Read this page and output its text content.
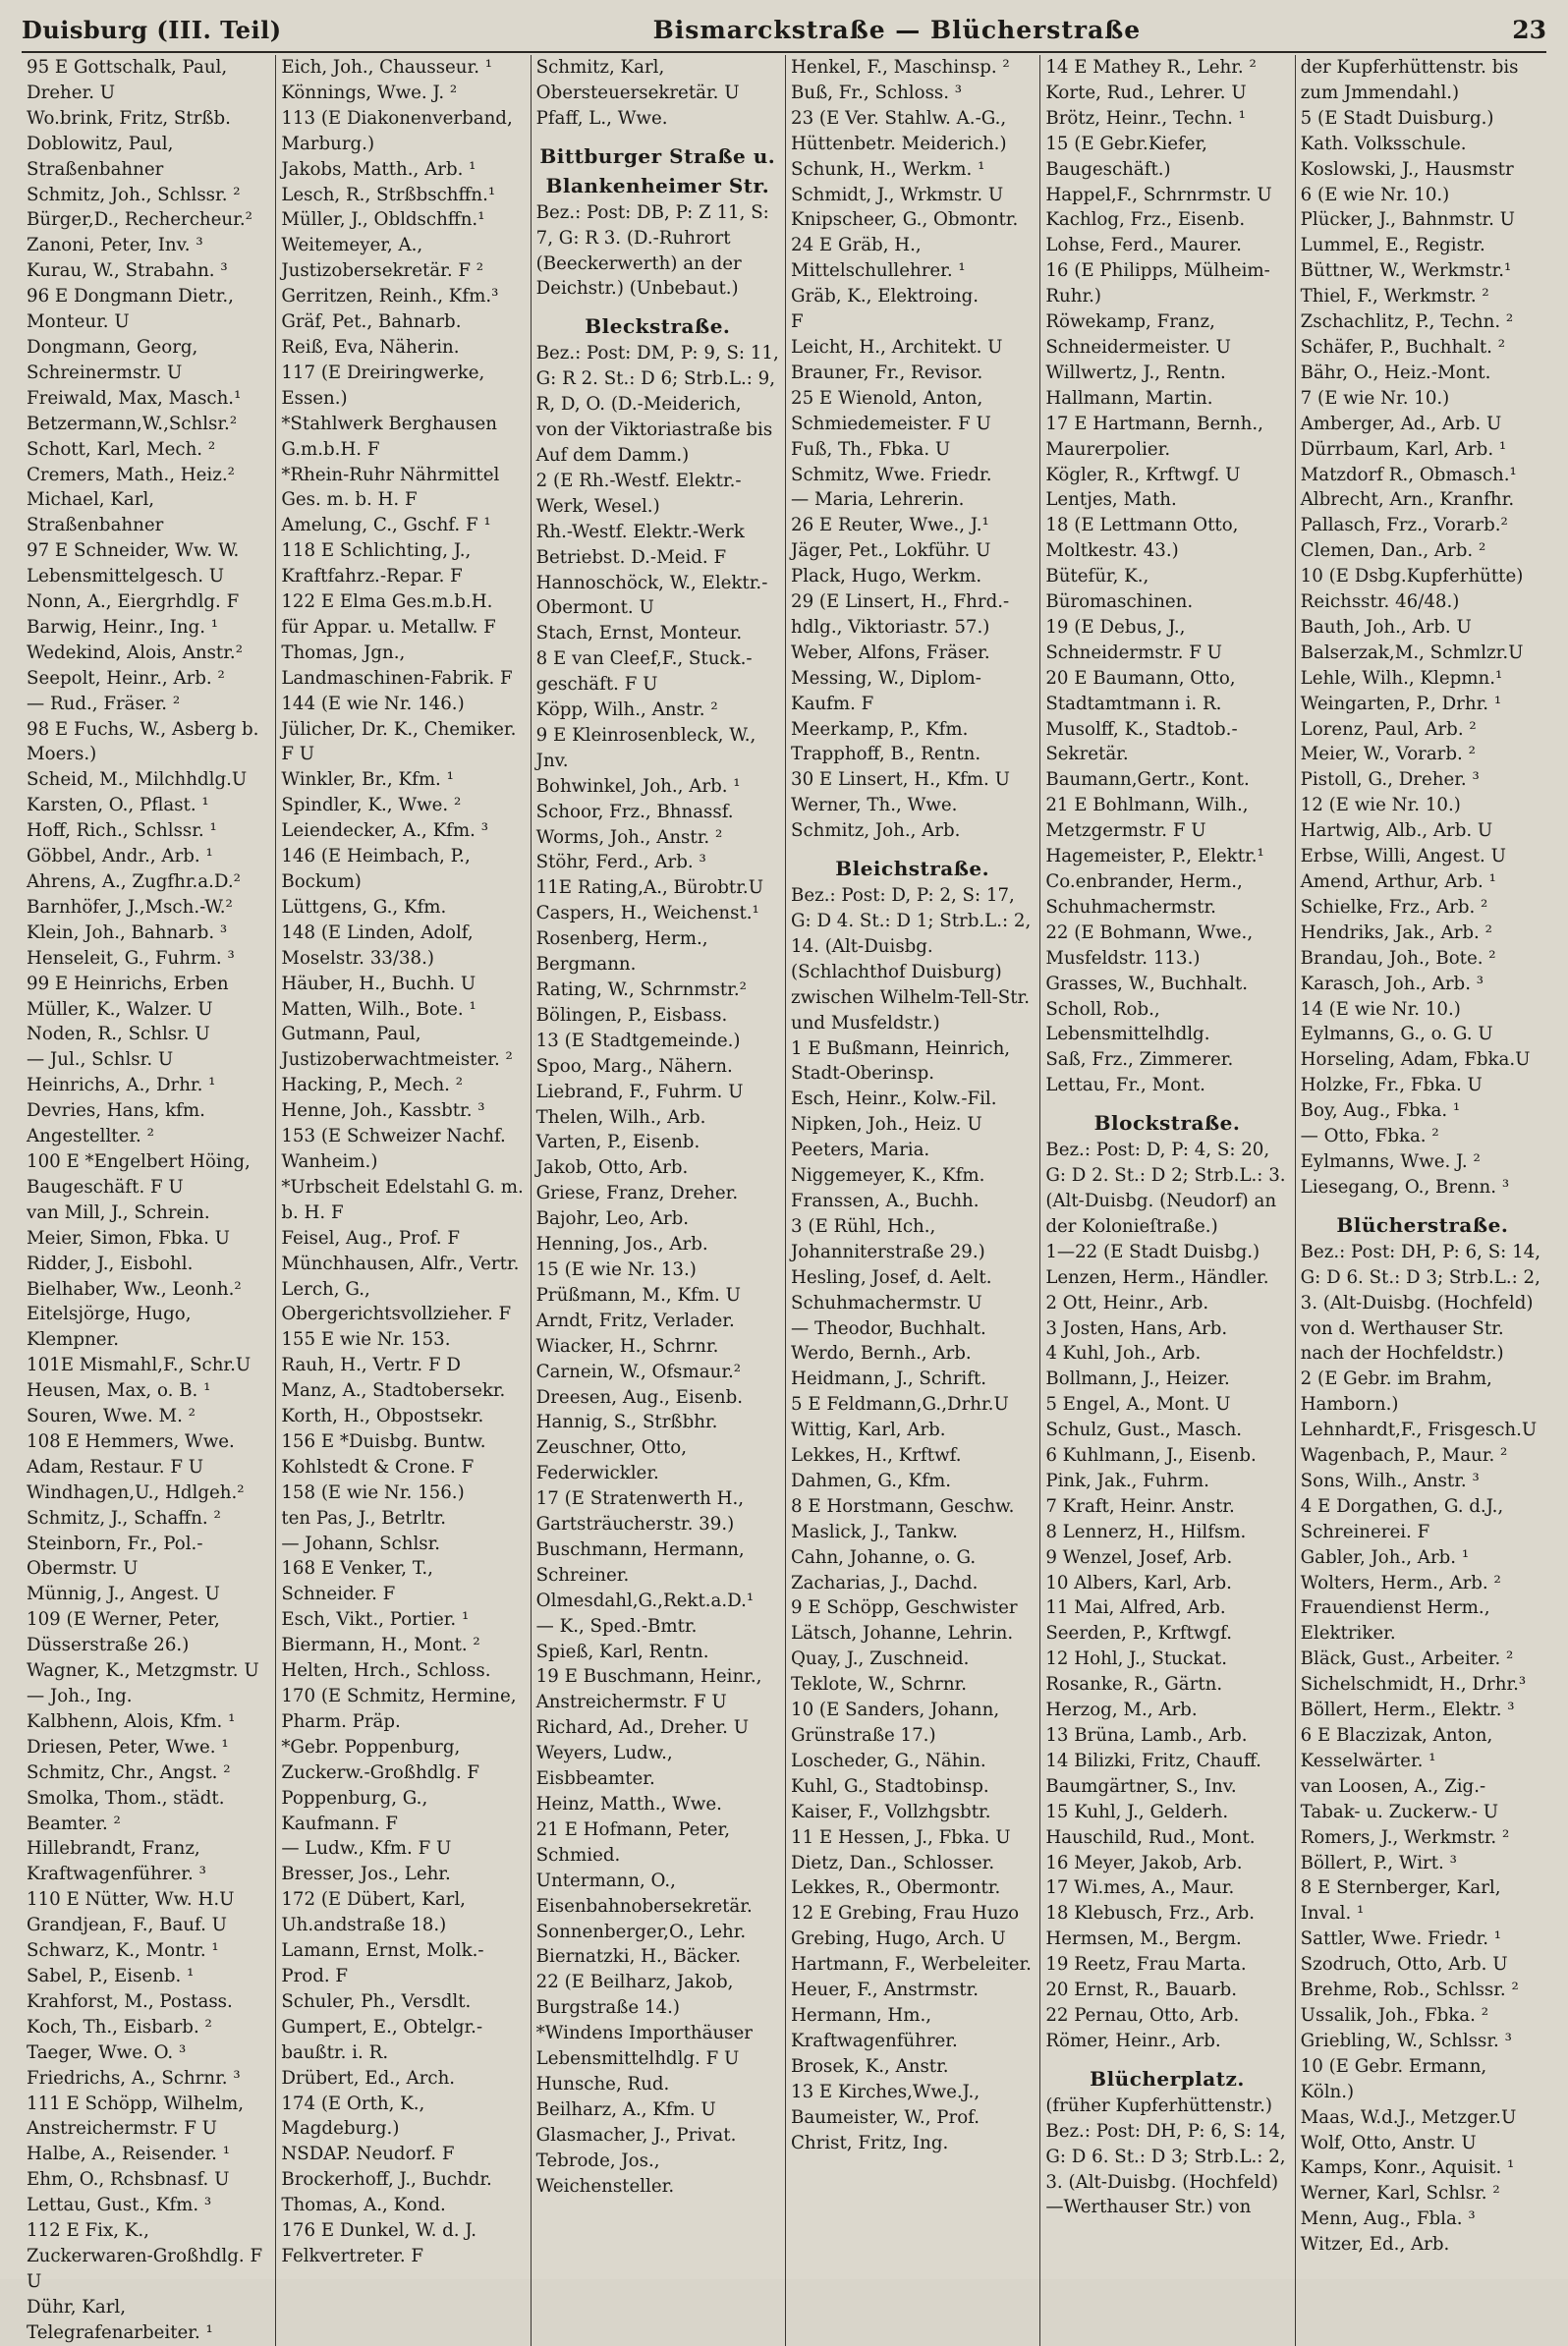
Duisburg (III. Teil)	Bismarckstraße — Blücherstraße	23
95 E Gottschalk, Paul, Dreher. U
Wo.brink, Fritz, Strßb.
Doblowitz, Paul, Straßenbahner
Schmitz, Joh., Schlssr. ²
Bürger,D., Rechercheur.²
Zanoni, Peter, Inv. ³
Kurau, W., Strabahn. ³
96 E Dongmann Dietr., Monteur. U
Dongmann, Georg, Schreinermstr. U
Freiwald, Max, Masch.¹
Betzermann,W.,Schlsr.²
Schott, Karl, Mech. ²
Cremers, Math., Heiz.²
Michael, Karl, Straßenbahner
97 E Schneider, Ww. W. Lebensmittelgesch. U
Nonn, A., Eiergrhdlg. F
Barwig, Heinr., Ing. ¹
Wedekind, Alois, Anstr.²
Seepolt, Heinr., Arb. ²
— Rud., Fräser. ²
98 E Fuchs, W., Asberg b. Moers.)
Scheid, M., Milchhdlg.U
Karsten, O., Pflast. ¹
Hoff, Rich., Schlssr. ¹
Göbbel, Andr., Arb. ¹
Ahrens, A., Zugfhr.a.D.²
Barnhöfer, J.,Msch.-W.²
Klein, Joh., Bahnarb. ³
Henseleit, G., Fuhrm. ³
99 E Heinrichs, Erben Müller, K., Walzer. U
Noden, R., Schlsr. U
— Jul., Schlsr. U
Heinrichs, A., Drhr. ¹
Devries, Hans, kfm. Angestellter. ²
100 E *Engelbert Höing, Baugeschäft. F U
van Mill, J., Schrein.
Meier, Simon, Fbka. U
Ridder, J., Eisbohl.
Bielhaber, Ww., Leonh.²
Eitelsjörge, Hugo, Klempner.
101E Mismahl,F., Schr.U
Heusen, Max, o. B. ¹
Souren, Wwe. M. ²
108 E Hemmers, Wwe. Adam, Restaur. F U
Windhagen,U., Hdlgeh.²
Schmitz, J., Schaffn. ²
Steinborn, Fr., Pol.-Obermstr. U
Münnig, J., Angest. U
109 (E Werner, Peter, Düsserstraße 26.)
Wagner, K., Metzgmstr. U
— Joh., Ing.
Kalbhenn, Alois, Kfm. ¹
Driesen, Peter, Wwe. ¹
Schmitz, Chr., Angst. ²
Smolka, Thom., städt. Beamter. ²
Hillebrandt, Franz, Kraftwagenführer. ³
110 E Nütter, Ww. H.U
Grandjean, F., Bauf. U
Schwarz, K., Montr. ¹
Sabel, P., Eisenb. ¹
Krahforst, M., Postass.
Koch, Th., Eisbarb. ²
Taeger, Wwe. O. ³
Friedrichs, A., Schrnr. ³
111 E Schöpp, Wilhelm, Anstreichermstr. F U
Halbe, A., Reisender. ¹
Ehm, O., Rchsbnasf. U
Lettau, Gust., Kfm. ³
112 E Fix, K., Zuckerwaren-Großhdlg. F U
Dühr, Karl, Telegrafenarbeiter. ¹
Eich, Joh., Chausseur. ¹
Könnings, Wwe. J. ²
113 (E Diakonenverband, Marburg.)
Jakobs, Matth., Arb. ¹
Lesch, R., Strßbschffn.¹
Müller, J., Obldschffn.¹
Weitemeyer, A., Justizobersekretär. F ²
Gerritzen, Reinh., Kfm.³
Gräf, Pet., Bahnarb.
Reiß, Eva, Näherin.
117 (E Dreiringwerke, Essen.)
*Stahlwerk Berghausen G.m.b.H. F
*Rhein-Ruhr Nährmittel Ges. m. b. H. F
Amelung, C., Gschf. F ¹
118 E Schlichting, J., Kraftfahrz.-Repar. F
122 E Elma Ges.m.b.H. für Appar. u. Metallw. F
Thomas, Jgn., Landmaschinen-Fabrik. F
144 (E wie Nr. 146.)
Jülicher, Dr. K., Chemiker. F U
Winkler, Br., Kfm. ¹
Spindler, K., Wwe. ²
Leiendecker, A., Kfm. ³
146 (E Heimbach, P., Bockum)
Lüttgens, G., Kfm.
148 (E Linden, Adolf, Moselstr. 33/38.)
Häuber, H., Buchh. U
Matten, Wilh., Bote. ¹
Gutmann, Paul, Justizoberwachtmeister. ²
Hacking, P., Mech. ²
Henne, Joh., Kassbtr. ³
153 (E Schweizer Nachf. Wanheim.)
*Urbscheit Edelstahl G. m. b. H. F
Feisel, Aug., Prof. F
Münchhausen, Alfr., Vertr.
Lerch, G., Obergerichtsvollzieher. F
155 E wie Nr. 153.
Rauh, H., Vertr. F D
Manz, A., Stadtobersekr.
Korth, H., Obpostsekr.
156 E *Duisbg. Buntw. Kohlstedt & Crone. F
158 (E wie Nr. 156.)
ten Pas, J., Betrltr.
— Johann, Schlsr.
168 E Venker, T., Schneider. F
Esch, Vikt., Portier. ¹
Biermann, H., Mont. ²
Helten, Hrch., Schloss.
170 (E Schmitz, Hermine, Pharm. Präp.
*Gebr. Poppenburg, Zuckerw.-Großhdlg. F
Poppenburg, G., Kaufmann. F
— Ludw., Kfm. F U
Bresser, Jos., Lehr.
172 (E Dübert, Karl, Uh.andstraße 18.)
Lamann, Ernst, Molk.-Prod. F
Schuler, Ph., Versdlt.
Gumpert, E., Obtelgr.-baußtr. i. R.
Drübert, Ed., Arch.
174 (E Orth, K., Magdeburg.)
NSDAP. Neudorf. F
Brockerhoff, J., Buchdr.
Thomas, A., Kond.
176 E Dunkel, W. d. J. Felkvertreter. F
Schmitz, Karl, Obersteuersekretär. U
Pfaff, L., Wwe.
Bittburger Straße u. Blankenheimer Str.
Bez.: Post: DB, P: Z 11, S: 7, G: R 3. (D.-Ruhrort (Beeckerwerth) an der Deichstr.) (Unbebaut.)
Bleckstraße.
Bez.: Post: DM, P: 9, S: 11, G: R 2. St.: D 6; Strb.L.: 9, R, D, O. (D.-Meiderich, von der Viktoriastraße bis Auf dem Damm.)
2 (E Rh.-Westf. Elektr.-Werk, Wesel.)
Rh.-Westf. Elektr.-Werk Betriebst. D.-Meid. F
Hannoschöck, W., Elektr.-Obermont. U
Stach, Ernst, Monteur.
8 E van Cleef,F., Stuck.-geschäft. F U
Köpp, Wilh., Anstr. ²
9 E Kleinrosenbleck, W., Jnv.
Bohwinkel, Joh., Arb. ¹
Schoor, Frz., Bhnassf.
Worms, Joh., Anstr. ²
Stöhr, Ferd., Arb. ³
11E Rating,A., Bürobtr.U
Caspers, H., Weichenst.¹
Rosenberg, Herm., Bergmann.
Rating, W., Schrnmstr.²
Bölingen, P., Eisbass.
13 (E Stadtgemeinde.)
Spoo, Marg., Nähern.
Liebrand, F., Fuhrm. U
Thelen, Wilh., Arb.
Varten, P., Eisenb.
Jakob, Otto, Arb.
Griese, Franz, Dreher.
Bajohr, Leo, Arb.
Henning, Jos., Arb.
15 (E wie Nr. 13.)
Prüßmann, M., Kfm. U
Arndt, Fritz, Verlader.
Wiacker, H., Schrnr.
Carnein, W., Ofsmaur.²
Dreesen, Aug., Eisenb.
Hannig, S., Strßbhr.
Zeuschner, Otto, Federwickler.
17 (E Stratenwerth H., Gartsträucherstr. 39.)
Buschmann, Hermann, Schreiner.
Olmesdahl,G.,Rekt.a.D.¹
— K., Sped.-Bmtr.
Spieß, Karl, Rentn.
19 E Buschmann, Heinr., Anstreichermstr. F U
Richard, Ad., Dreher. U
Weyers, Ludw., Eisbbeamter.
Heinz, Matth., Wwe.
21 E Hofmann, Peter, Schmied.
Untermann, O., Eisenbahnobersekretär.
Sonnenberger,O., Lehr.
Biernatzki, H., Bäcker.
22 (E Beilharz, Jakob, Burgstraße 14.)
*Windens Importhäuser Lebensmittelhdlg. F U
Hunsche, Rud.
Beilharz, A., Kfm. U
Glasmacher, J., Privat.
Tebrode, Jos., Weichensteller.
Henkel, F., Maschinsp. ²
Buß, Fr., Schloss. ³
23 (E Ver. Stahlw. A.-G., Hüttenbetr. Meiderich.)
Schunk, H., Werkm. ¹
Schmidt, J., Wrkmstr. U
Knipscheer, G., Obmontr.
24 E Gräb, H., Mittelschullehrer. ¹
Gräb, K., Elektroing.
F
Leicht, H., Architekt. U
Brauner, Fr., Revisor.
25 E Wienold, Anton, Schmiedemeister. F U
Fuß, Th., Fbka. U
Schmitz, Wwe. Friedr.
— Maria, Lehrerin.
26 E Reuter, Wwe., J.¹
Jäger, Pet., Lokführ. U
Plack, Hugo, Werkm.
29 (E Linsert, H., Fhrd.-hdlg., Viktoriastr. 57.)
Weber, Alfons, Fräser.
Messing, W., Diplom-Kaufm. F
Meerkamp, P., Kfm.
Trapphoff, B., Rentn.
30 E Linsert, H., Kfm. U
Werner, Th., Wwe.
Schmitz, Joh., Arb.
Bleichstraße.
Bez.: Post: D, P: 2, S: 17, G: D 4. St.: D 1; Strb.L.: 2, 14. (Alt-Duisbg. (Schlachthof Duisburg) zwischen Wilhelm-Tell-Str. und Musfeldstr.)
1 E Bußmann, Heinrich, Stadt-Oberinsp.
Esch, Heinr., Kolw.-Fil.
Nipken, Joh., Heiz. U
Peeters, Maria.
Niggemeyer, K., Kfm.
Franssen, A., Buchh.
3 (E Rühl, Hch., Johanniterstraße 29.)
Hesling, Josef, d. Aelt. Schuhmachermstr. U
— Theodor, Buchhalt.
Werdo, Bernh., Arb.
Heidmann, J., Schrift.
5 E Feldmann,G.,Drhr.U
Wittig, Karl, Arb.
Lekkes, H., Krftwf.
Dahmen, G., Kfm.
8 E Horstmann, Geschw.
Maslick, J., Tankw.
Cahn, Johanne, o. G.
Zacharias, J., Dachd.
9 E Schöpp, Geschwister
Lätsch, Johanne, Lehrin.
Quay, J., Zuschneid.
Teklote, W., Schrnr.
10 (E Sanders, Johann, Grünstraße 17.)
Loscheder, G., Nähin.
Kuhl, G., Stadtobinsp.
Kaiser, F., Vollzhgsbtr.
11 E Hessen, J., Fbka. U
Dietz, Dan., Schlosser.
Lekkes, R., Obermontr.
12 E Grebing, Frau Huzo
Grebing, Hugo, Arch. U
Hartmann, F., Werbeleiter.
Heuer, F., Anstrmstr.
Hermann, Hm., Kraftwagenführer.
Brosek, K., Anstr.
13 E Kirches,Wwe.J.,
Baumeister, W., Prof.
Christ, Fritz, Ing.
14 E Mathey R., Lehr. ²
Korte, Rud., Lehrer. U
Brötz, Heinr., Techn. ¹
15 (E Gebr.Kiefer, Baugeschäft.)
Happel,F., Schrnrmstr. U
Kachlog, Frz., Eisenb.
Lohse, Ferd., Maurer.
16 (E Philipps, Mülheim-Ruhr.)
Röwekamp, Franz, Schneidermeister. U
Willwertz, J., Rentn.
Hallmann, Martin.
17 E Hartmann, Bernh., Maurerpolier.
Kögler, R., Krftwgf. U
Lentjes, Math.
18 (E Lettmann Otto, Moltkestr. 43.)
Bütefür, K., Büromaschinen.
19 (E Debus, J., Schneidermstr. F U
20 E Baumann, Otto, Stadtamtmann i. R.
Musolff, K., Stadtob.-Sekretär.
Baumann,Gertr., Kont.
21 E Bohlmann, Wilh., Metzgermstr. F U
Hagemeister, P., Elektr.¹
Co.enbrander, Herm., Schuhmachermstr.
22 (E Bohmann, Wwe., Musfeldstr. 113.)
Grasses, W., Buchhalt.
Scholl, Rob., Lebensmittelhdlg.
Saß, Frz., Zimmerer.
Lettau, Fr., Mont.
Blockstraße.
Bez.: Post: D, P: 4, S: 20, G: D 2. St.: D 2; Strb.L.: 3. (Alt-Duisbg. (Neudorf) an der Kolonieſtraße.)
1—22 (E Stadt Duisbg.)
Lenzen, Herm., Händler.
2 Ott, Heinr., Arb.
3 Josten, Hans, Arb.
4 Kuhl, Joh., Arb.
Bollmann, J., Heizer.
5 Engel, A., Mont. U
Schulz, Gust., Masch.
6 Kuhlmann, J., Eisenb.
Pink, Jak., Fuhrm.
7 Kraft, Heinr. Anstr.
8 Lennerz, H., Hilfsm.
9 Wenzel, Josef, Arb.
10 Albers, Karl, Arb.
11 Mai, Alfred, Arb.
Seerden, P., Krftwgf.
12 Hohl, J., Stuckat.
Rosanke, R., Gärtn.
Herzog, M., Arb.
13 Brüna, Lamb., Arb.
14 Bilizki, Fritz, Chauff.
Baumgärtner, S., Inv.
15 Kuhl, J., Gelderh.
Hauschild, Rud., Mont.
16 Meyer, Jakob, Arb.
17 Wi.mes, A., Maur.
18 Klebusch, Frz., Arb.
Hermsen, M., Bergm.
19 Reetz, Frau Marta.
20 Ernst, R., Bauarb.
22 Pernau, Otto, Arb.
Römer, Heinr., Arb.
Blücherplatz.
(früher Kupferhüttenstr.) Bez.: Post: DH, P: 6, S: 14, G: D 6. St.: D 3; Strb.L.: 2, 3. (Alt-Duisbg. (Hochfeld) —Werthauser Str.) von
der Kupferhüttenstr. bis zum Jmmendahl.)
5 (E Stadt Duisburg.)
Kath. Volksschule.
Koslowski, J., Hausmstr
6 (E wie Nr. 10.)
Plücker, J., Bahnmstr. U
Lummel, E., Registr.
Büttner, W., Werkmstr.¹
Thiel, F., Werkmstr. ²
Zschachlitz, P., Techn. ²
Schäfer, P., Buchhalt. ²
Bähr, O., Heiz.-Mont.
7 (E wie Nr. 10.)
Amberger, Ad., Arb. U
Dürrbaum, Karl, Arb. ¹
Matzdorf R., Obmasch.¹
Albrecht, Arn., Kranfhr.
Pallasch, Frz., Vorarb.²
Clemen, Dan., Arb. ²
10 (E Dsbg.Kupferhütte) Reichsstr. 46/48.)
Bauth, Joh., Arb. U
Balserzak,M., Schmlzr.U
Lehle, Wilh., Klepmn.¹
Weingarten, P., Drhr. ¹
Lorenz, Paul, Arb. ²
Meier, W., Vorarb. ²
Pistoll, G., Dreher. ³
12 (E wie Nr. 10.)
Hartwig, Alb., Arb. U
Erbse, Willi, Angest. U
Amend, Arthur, Arb. ¹
Schielke, Frz., Arb. ²
Hendriks, Jak., Arb. ²
Brandau, Joh., Bote. ²
Karasch, Joh., Arb. ³
14 (E wie Nr. 10.)
Eylmanns, G., o. G. U
Horseling, Adam, Fbka.U
Holzke, Fr., Fbka. U
Boy, Aug., Fbka. ¹
— Otto, Fbka. ²
Eylmanns, Wwe. J. ²
Liesegang, O., Brenn. ³
Blücherstraße.
Bez.: Post: DH, P: 6, S: 14, G: D 6. St.: D 3; Strb.L.: 2, 3. (Alt-Duisbg. (Hochfeld) von d. Werthauser Str. nach der Hochfeldstr.)
2 (E Gebr. im Brahm, Hamborn.)
Lehnhardt,F., Frisgesch.U
Wagenbach, P., Maur. ²
Sons, Wilh., Anstr. ³
4 E Dorgathen, G. d.J., Schreinerei. F
Gabler, Joh., Arb. ¹
Wolters, Herm., Arb. ²
Frauendienst Herm., Elektriker.
Bläck, Gust., Arbeiter. ²
Sichelschmidt, H., Drhr.³
Böllert, Herm., Elektr. ³
6 E Blaczizak, Anton, Kesselwärter. ¹
van Loosen, A., Zig.-Tabak- u. Zuckerw.- U
Romers, J., Werkmstr. ²
Böllert, P., Wirt. ³
8 E Sternberger, Karl, Inval. ¹
Sattler, Wwe. Friedr. ¹
Szodruch, Otto, Arb. U
Brehme, Rob., Schlssr. ²
Ussalik, Joh., Fbka. ²
Griebling, W., Schlssr. ³
10 (E Gebr. Ermann, Köln.)
Maas, W.d.J., Metzger.U
Wolf, Otto, Anstr. U
Kamps, Konr., Aquisit. ¹
Werner, Karl, Schlsr. ²
Menn, Aug., Fbla. ³
Witzer, Ed., Arb.
